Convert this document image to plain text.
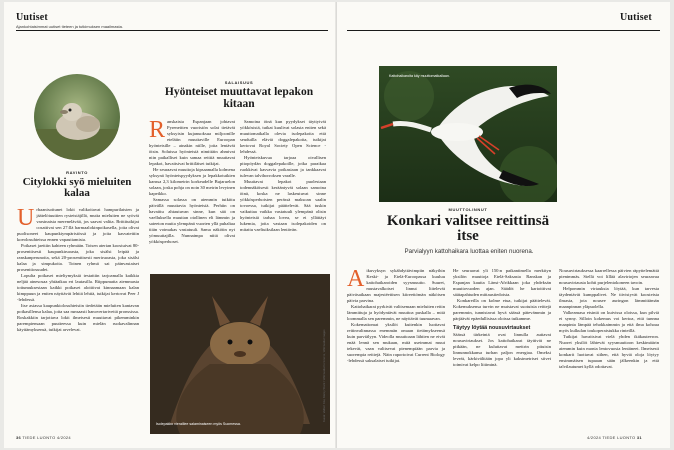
Uutiset
Ajankohtaisimmat uutiset tieteen ja tutkimuksen maailmasta.
RAVINTO
Citylokki syö mieluiten kalaa

Urbaanisoitunet lokit valikoitavat hampurilaisten ja jäätelötuuttien rysteistäjillä, mutta mieluiten ne syövät varsinaista merenelävää, jos saavat valita. Brittitutkijat cosattivat sen 27:llä harmaalokinpoikasella, joita olivat puolisoneet kaupunkiympäristössä ja joita kasvatettiin koeolosuhteissa ennen vapauttamista.

Poikaset jaettiin kahteen ryhmään. Toisen aterian koostuivat 80-prosenttisesti kaupunkiruoasta, joka sisälsi leipää ja ranskanperunoita, sekä 20-prosenttisesti meriruoasta, joka sisälsi kalaa ja simpukoita. Toinen ryhmä sai päinvastaiset prosenttiosuudet.

Lopulta poikaset mieltymyksiä testattiin tarjoamalla kaikkia neljää ainesosaa yhtäaikaa eri lautasilla. Riippumatta aiemmasta tottumuksestaan kaikki poikaset aloittivat kinnaamaan kalan kimppuun ja eniten näyttävät lehtiä lehtiä, tutkijat kertovat Peer J -lehdessä.

Itse asiassa kaupunkiolosuhteisiin tiedetään mieluiten kantavan poikasillensa kalaa, joita saa runsaasti hanovertarivettä pronssissa. Roskakkiin tarjottava lokit ilmeisesti muuttavat pikemminkin parempiensaan puutteessa kuin mielän ruokavalinnan käyttämyksensä, tutkijat arvelevat.

SALAISUUS
Hyönteiset muuttavat lepakon kitaan

Ranskaista Espanjaan johtavat Pyreneitten vuoristön solat tietävät syksyisin kujanuoksua miljoonille eteläiin muuttaville Euroopan hyönteisille – ainakin niille, joita lentävät öisin. Soluissa hyönteisiä nimittäin ahmivat niin paikalliset kuin samaa reittiä muuttavat lepakot, havaitsivat brittiläiset tutkijat.

He seuraavat muuttoja kipsaamalla kolmena syksynä hyönteispyydyksen ja lepakkotutkien kanssa 2,3 kilometrin korkeudelle Bujaruelon solaan, joska pohja on noin 30 metrin levyinen kapeikko.

Samassa solassa on aiemmin tutkittu päivällä muuttavia hyönteisiä. Perhiin on havaittu ahtautuvan sinne, kun sää on vaelluksella muuttan otollinen eli lämmin ja sateeton mutta ylempänä vuorten yllä puhaltaa tiiän voimakas vastatuuli. Sama näkötin nyt yömuuttajilla. Nunnaimpa niitä olivat yökkösperhoset.

Samoina öinä kun pyydykset täyttyivät yökkösistä, tutkat kuulivat solasta eniten sekä muuttomatkalla olevia isolepakoita että seuduilla eläviä doggalepakoita, tutkijat kertovat Royal Society Open Science -lehdessä.

Hyönteiskuvua tarjoaa oivallisen pitopöydän doggalepakoille, jotka paraikaa ruokkivat kasvavia poikasiaan ja tankkaavat tulevan talvihorroksen varalle.

Muuttavat lepakot puolestaan todennäköisesti kerääntyvät solaan samoina öinä, koska ne laskeutuvat sinne yökkösperhoisten perässä maksoan saalin tovoessa, tutkijat päättelevät. Sää tuskin vaikuttaa vaikka vastatuuli ylempänä olisin hyönteisiä tarhaa lovea, se ei yllättäyt lukemia, joita vastaan isolepakoiden on mitattu vaeltuiksilaan lentävän.

Isolepakko vieraillee salaminaiseen myös Suomessa.
Kuvat: Valtteri Kivi, Alamy Stock / Wikimedia Commons, Wikimedia Images
36 TIEDE LUONTO 4/2024
Uutiset
Kattohaikaroita käy muuttomatkallaan.
MUUTTOLINNUT
Konkari valitsee reittinsä itse
Parvialyyn kattohaikara luottaa eniten nuorena.

Aikuvyksyn sykähdyttävimpiin näkyihin Keski- ja Etelä-Euroopassa kuuluu kattohaikaroiden syysmuutto. Suuret, mustavalkoiset linnut liitelevät päiväsaikaan majestéettisen kiireettömän näköisen päivia parvina.

Kattohaikarat pyrkivät valitsemaan mieluiten reitin lämmittuja ja hyödyntävät muuttoa puskalla – mitä loommalla sen paremmin, ne näyttävät tuumaavan.

Kokemattomat yksilöt kuitenkin luottavat reitinvalinnassa enemmän omaan tietämykseensä kuin parviälyyn. Videolla muuttoaan lähtien ne eivät enää lennä sen mukaan, mitä useimmat muut tekevät, vaan valitsevat pienempiään parvia ja suorempia reittejä. Näin raportoivat Current Biology -lehdessä saksalaiset tutkijat.

He seuraavat yli 150:n paikantimella merkityn yksilön muuttoja Etelä-Saksasta Ranskan ja Espanjan kautta Länsi-Afrikkaan joka yhdeksän muuttovuoden ajan. Säädöt he kartoittivat säätapahtuden mittaustiedoista.

Konkareilla on kolme etua, tutkijat päättelevät. Kokemuksensa turvin ne muistavat suotuisia reittejä paremmin, tunnistavat hyvä säässä pätevämmin ja pärjäävät epäedullisissa oloissa tutkamme.

Täytyy löytää nousuvirtaukset

Säässä tärkeintä ovat linnulla auttavat nousuvirtaukset. Jos kattohaikarat täyttivät ne pitkään, ne kuluttavat mettrin pituisin linnunnokkansa turhan paljon energiaa. Omeksi leveät, kärkivälitään jopa yli kaksimetriset siivet toimivat kelpo liitiminä.

Nousuvirtauksessa kaarrellessa päivien räpyttelemättä pienimmäs. Siellä voi lillää alavirtojen seuraavaa nousuvirtausta kohti purjelentokoneen tavoin.

Helpommin virtauksia löytää, kun tarvesta täydentävät kumppalivet. Ne tiivistyvät koosteista ilmasta, jota nousee auringon lämmittämän maanpinnan yläpuolella.

Valkeamasa etsintä on kuivissa oloissa, kun pilviä ei synny. Silloin kokemus voi kertoa, että tunnna maapinta lämpää tehokkaimmin ja että ilma kohoaa myös kulkulan toukoperaistukka rinteillä.

Tutkijat havaitsivat vielä yhden ikäkauteeron. Nuoret yksilöt lähtevät syysmuuttoon keskimäärin aiemmin kuin monia lentovuosia lentäneet. Ilmeisesti konkarit luottavat siihen, että hyviä oloja löytyy ensimmäisen tupaaan sään jälkeenkin ja että talvilautumet kyllä odottavat.

4/2024 TIEDE LUONTO 31
